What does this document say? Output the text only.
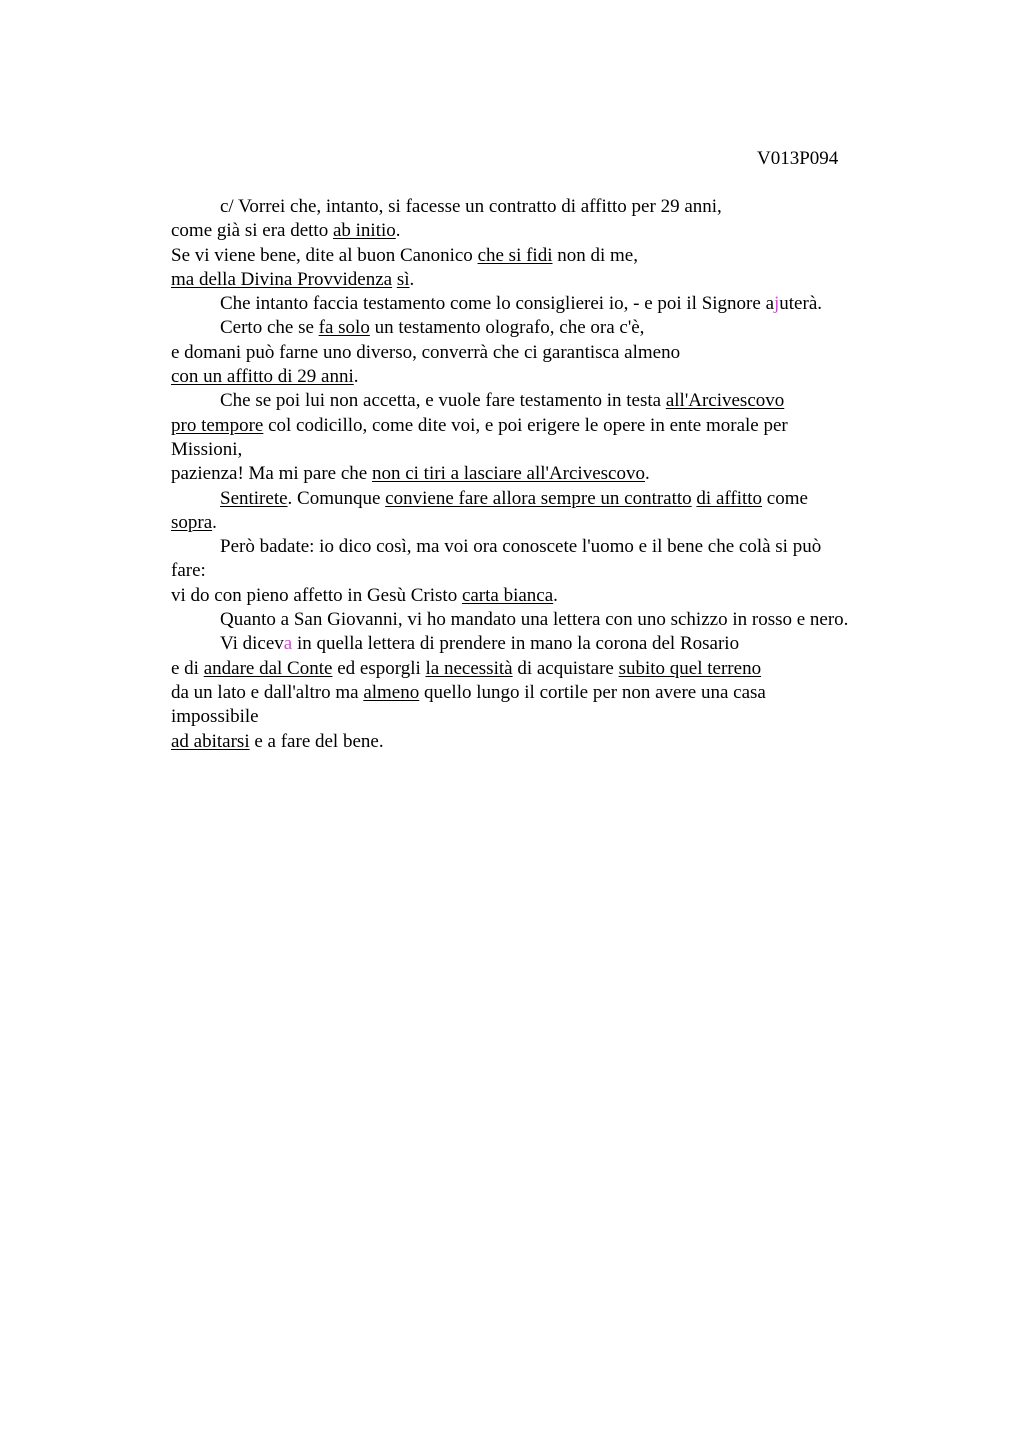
V013P094
c/ Vorrei che, intanto, si facesse un contratto di affitto per 29 anni,
come già si era detto ab initio.
Se vi viene bene, dite al buon Canonico che si fidi non di me,
ma della Divina Provvidenza sì.
Che intanto faccia testamento come lo consiglierei io, - e poi il Signore ajuterà.
Certo che se fa solo un testamento olografo, che ora c'è,
e domani può farne uno diverso, converrà che ci garantisca almeno
con un affitto di 29 anni.
Che se poi lui non accetta, e vuole fare testamento in testa all'Arcivescovo
pro tempore col codicillo, come dite voi, e poi erigere le opere in ente morale per
Missioni,
pazienza! Ma mi pare che non ci tiri a lasciare all'Arcivescovo.
Sentirete. Comunque conviene fare allora sempre un contratto di affitto come
sopra.
Però badate: io dico così, ma voi ora conoscete l'uomo e il bene che colà si può
fare:
vi do con pieno affetto in Gesù Cristo carta bianca.
Quanto a San Giovanni, vi ho mandato una lettera con uno schizzo in rosso e nero.
Vi diceva in quella lettera di prendere in mano la corona del Rosario
e di andare dal Conte ed esporgli la necessità di acquistare subito quel terreno
da un lato e dall'altro ma almeno quello lungo il cortile per non avere una casa
impossibile
ad abitarsi e a fare del bene.
